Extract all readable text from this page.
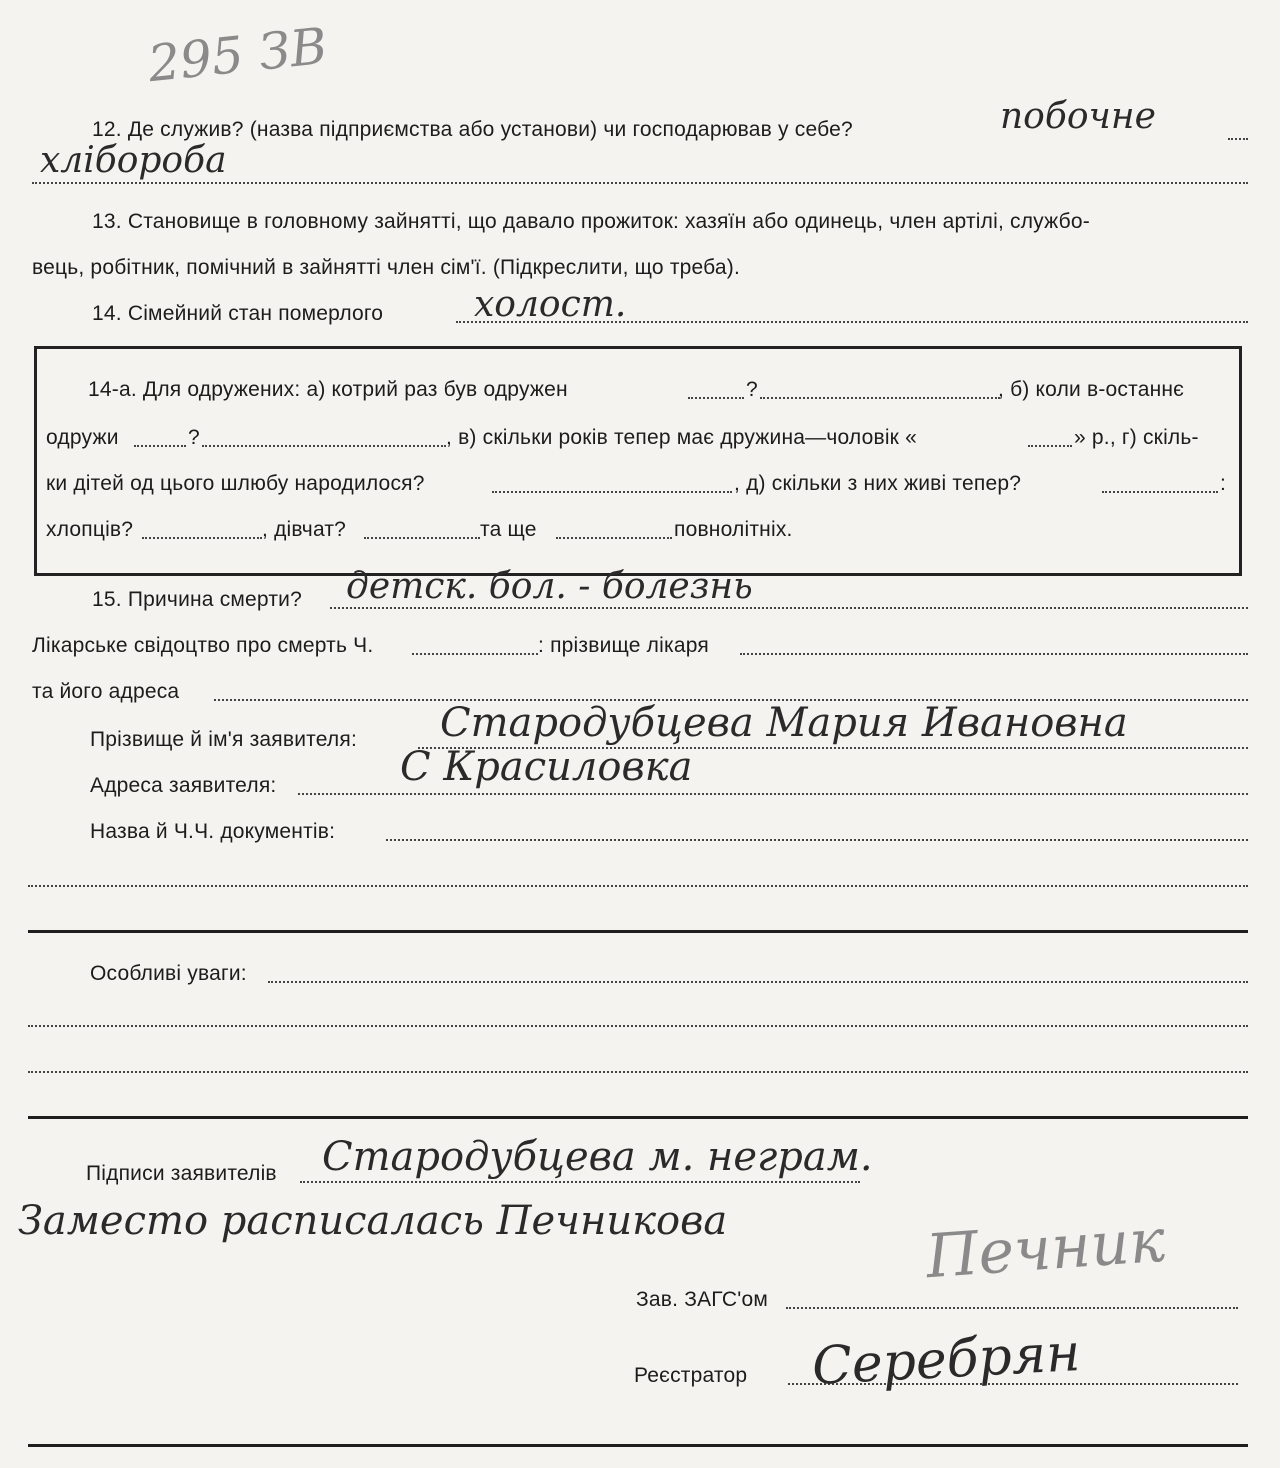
295 ЗВ
12. Де служив? (назва підприємства або установи) чи господарював у себе?	побочне
хлібороба
13. Становище в головному зайнятті, що давало прожиток: хазяїн або одинець, член артілі, службо-
вець, робітник, помічний в зайнятті член сім'ї. (Підкреслити, що треба).
14. Сімейний стан померлого	холост.
14-а. Для одружених: а) котрий раз був одружен	?	, б) коли в-останнє
одружи	?	, в) скільки років тепер має дружина—чоловік «	» р., г) скіль-
ки дітей од цього шлюбу народилося?	, д) скільки з них живі тепер?	:
хлопців?	, дівчат?	та ще	повнолітніх.
15. Причина смерти? детск. бол. - болезнь
Лікарське свідоцтво про смерть Ч.	: прізвище лікаря
та його адреса
Прізвище й ім'я заявителя: Стародубцева Мария Ивановна
Адреса заявителя:	С Красиловка
Назва й Ч.Ч. документів:
Особливі уваги:
Підписи заявителів Стародубцева м. неграм.
Заместо расписалась Печникова	Печник
Зав. ЗАГС'ом
Реєстратор Серебрян
